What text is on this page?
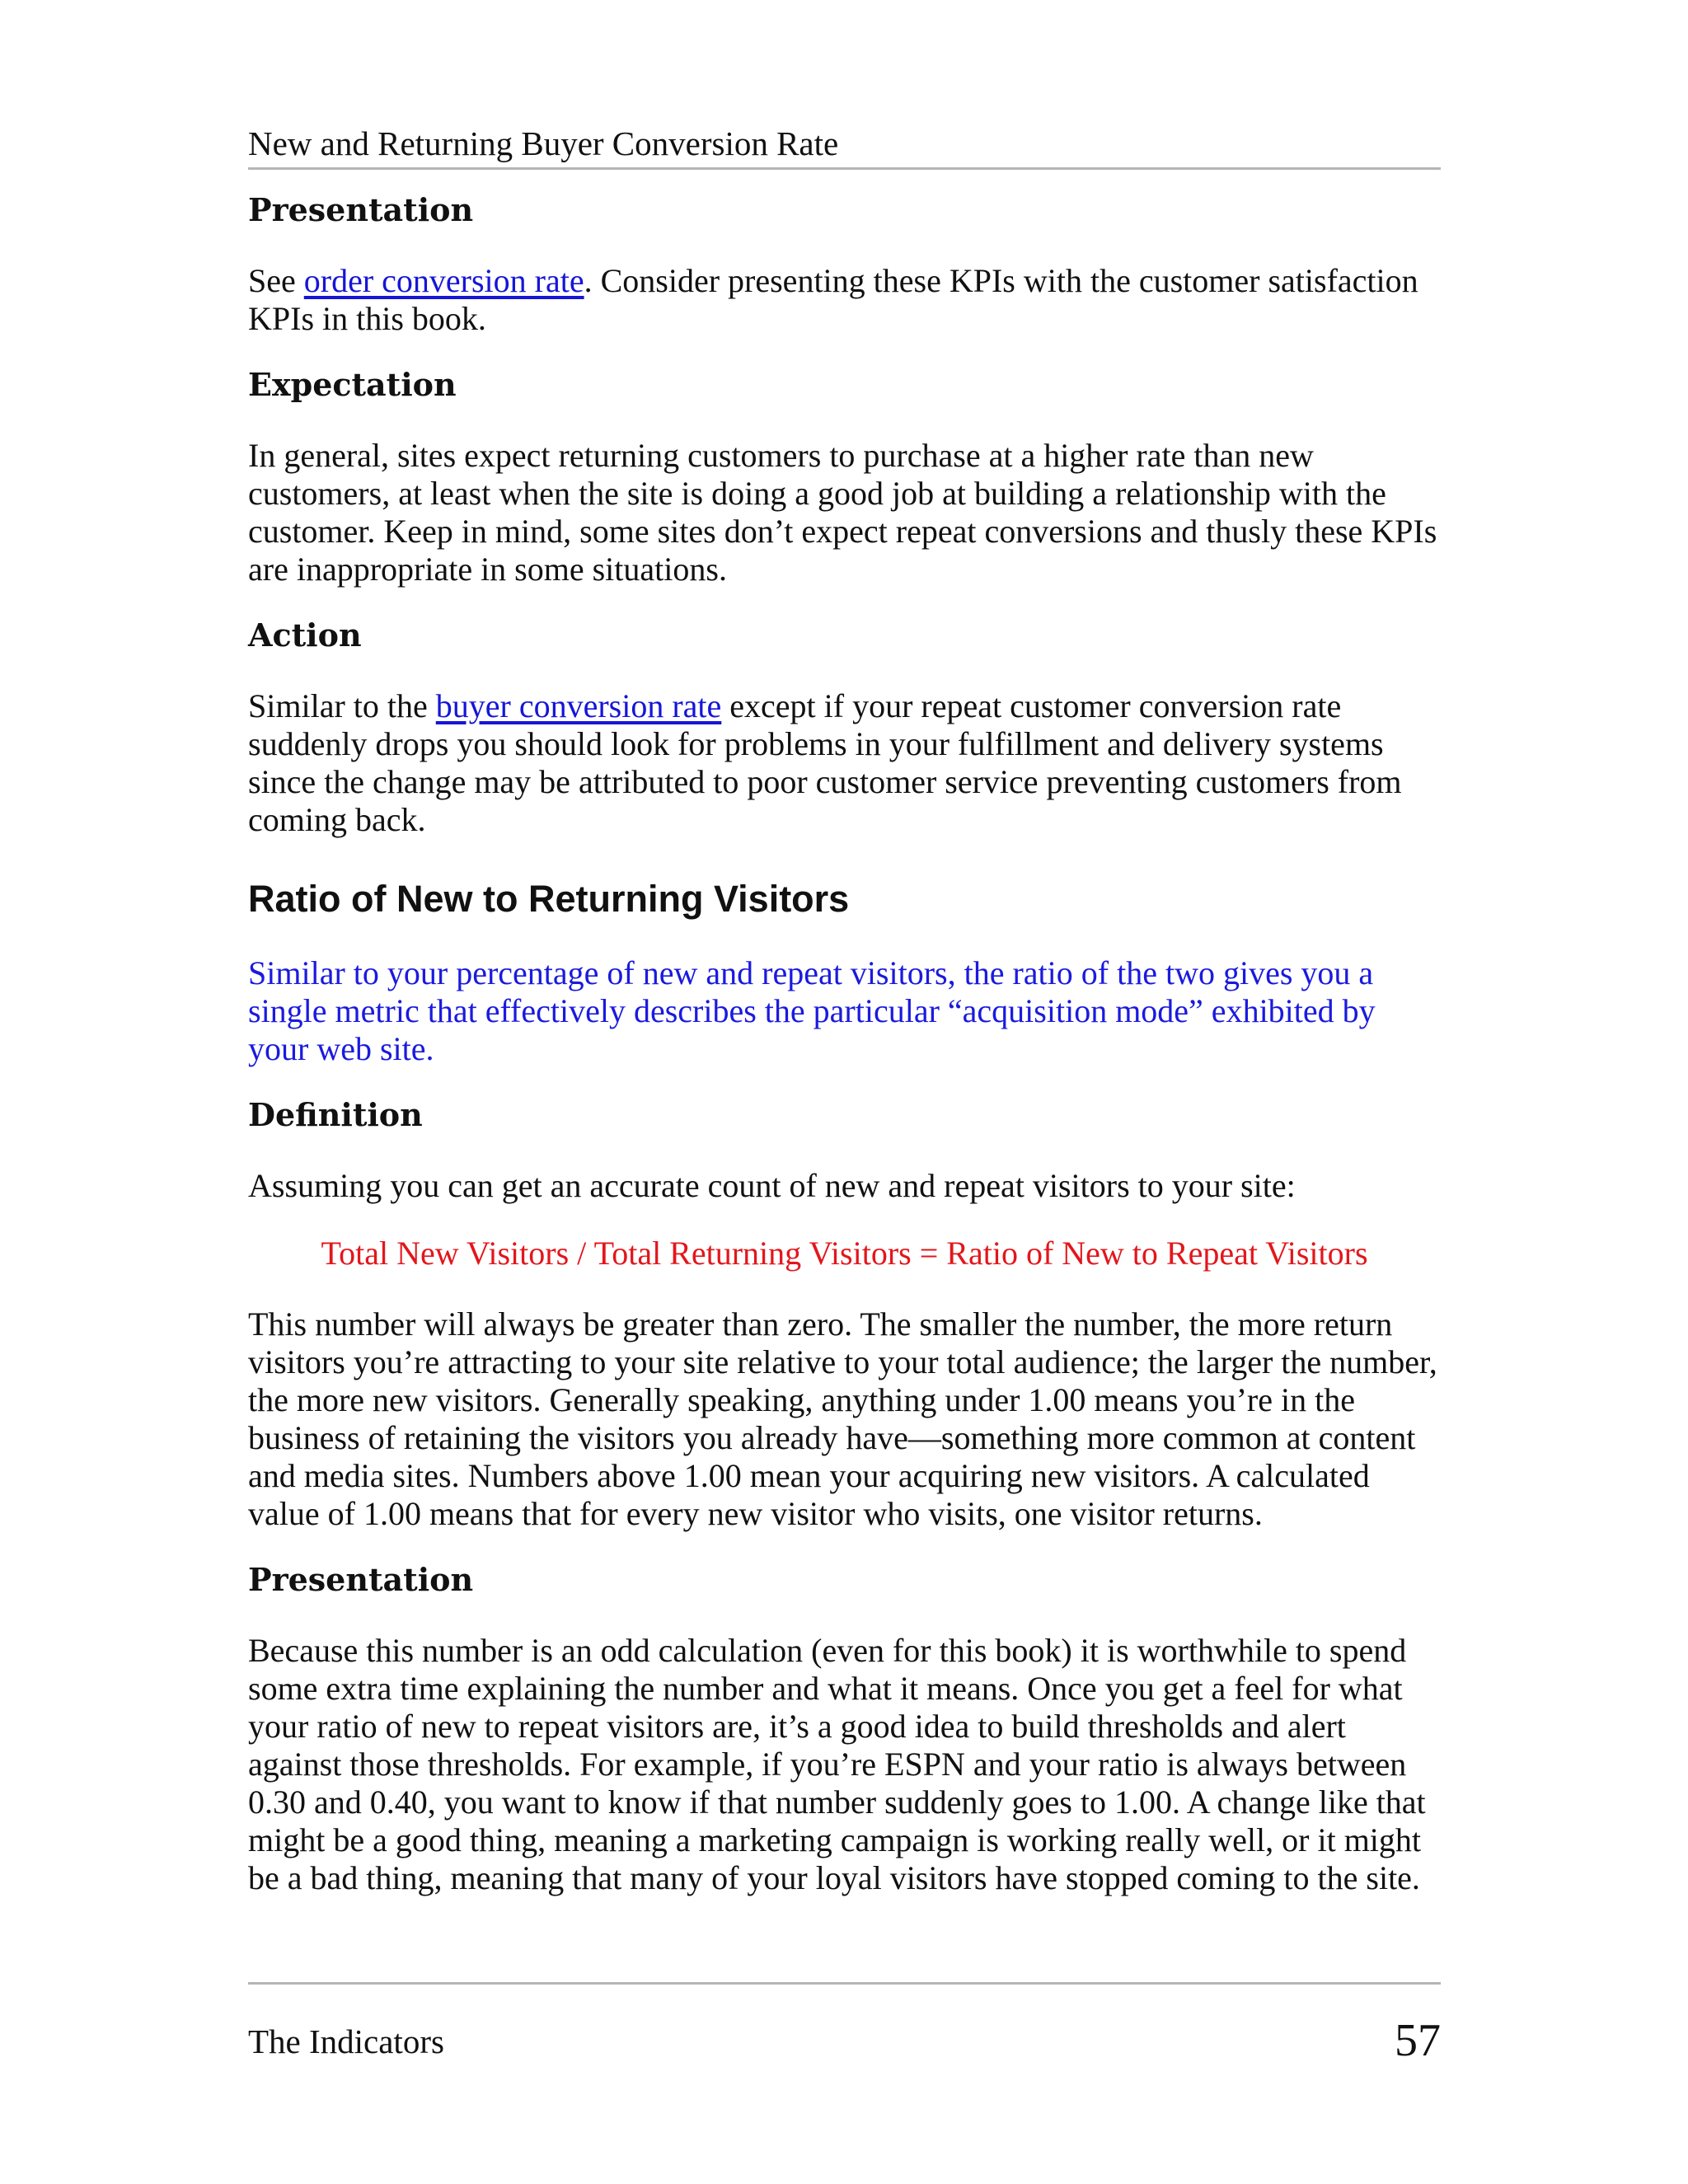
New and Returning Buyer Conversion Rate
Presentation

See order conversion rate. Consider presenting these KPIs with the customer satisfaction KPIs in this book.

Expectation

In general, sites expect returning customers to purchase at a higher rate than new customers, at least when the site is doing a good job at building a relationship with the customer. Keep in mind, some sites don’t expect repeat conversions and thusly these KPIs are inappropriate in some situations.

Action

Similar to the buyer conversion rate except if your repeat customer conversion rate suddenly drops you should look for problems in your fulfillment and delivery systems since the change may be attributed to poor customer service preventing customers from coming back.

Ratio of New to Returning Visitors

Similar to your percentage of new and repeat visitors, the ratio of the two gives you a single metric that effectively describes the particular “acquisition mode” exhibited by your web site.

Definition

Assuming you can get an accurate count of new and repeat visitors to your site:

Total New Visitors / Total Returning Visitors = Ratio of New to Repeat Visitors

This number will always be greater than zero. The smaller the number, the more return visitors you’re attracting to your site relative to your total audience; the larger the number, the more new visitors. Generally speaking, anything under 1.00 means you’re in the business of retaining the visitors you already have—something more common at content and media sites. Numbers above 1.00 mean your acquiring new visitors. A calculated value of 1.00 means that for every new visitor who visits, one visitor returns.

Presentation

Because this number is an odd calculation (even for this book) it is worthwhile to spend some extra time explaining the number and what it means. Once you get a feel for what your ratio of new to repeat visitors are, it’s a good idea to build thresholds and alert against those thresholds. For example, if you’re ESPN and your ratio is always between 0.30 and 0.40, you want to know if that number suddenly goes to 1.00. A change like that might be a good thing, meaning a marketing campaign is working really well, or it might be a bad thing, meaning that many of your loyal visitors have stopped coming to the site.

The Indicators	57
